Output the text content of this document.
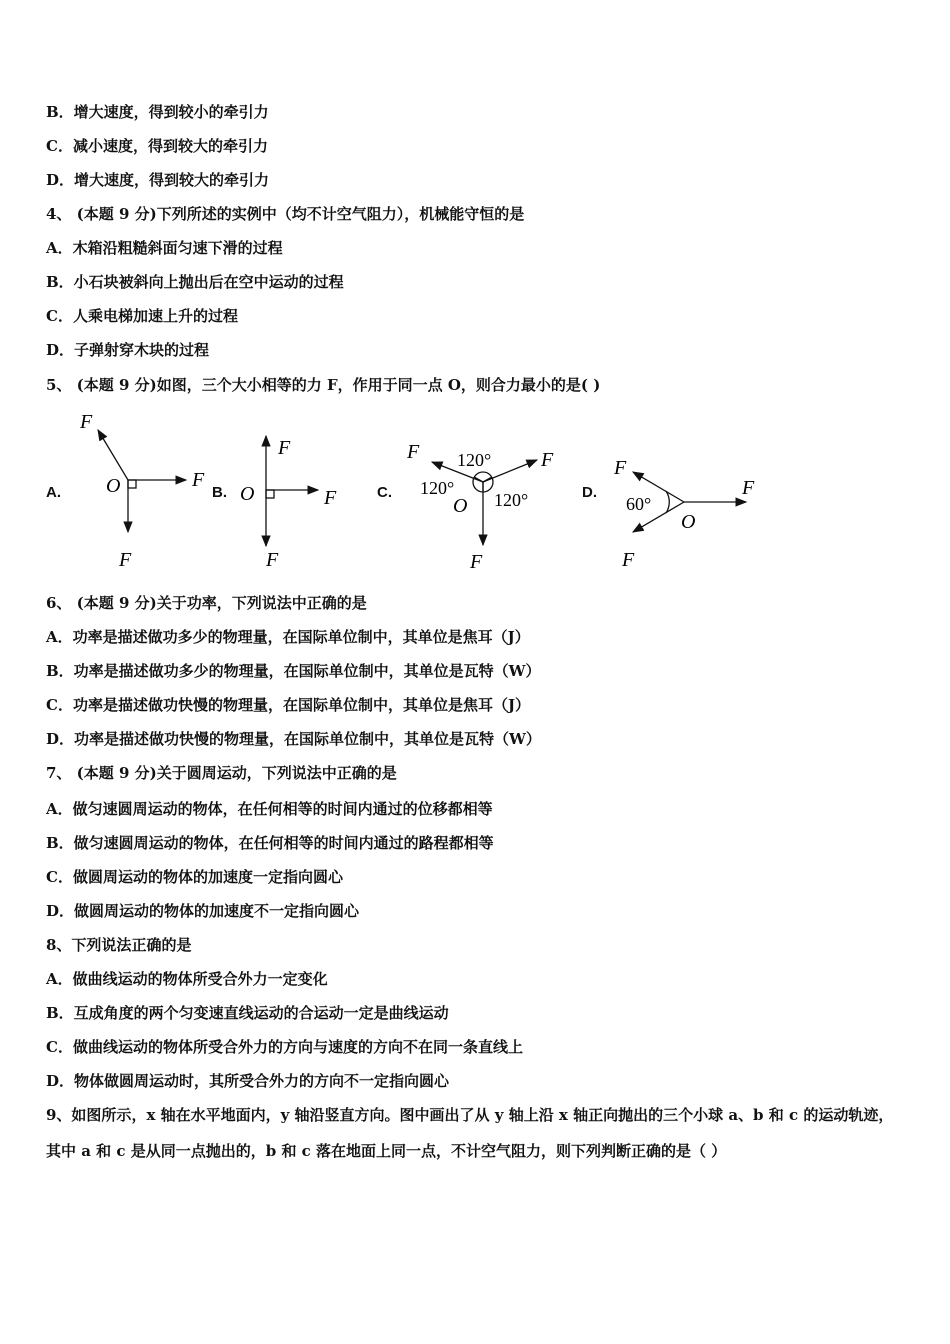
B．增大速度，得到较小的牵引力
C．减小速度，得到较大的牵引力
D．增大速度，得到较大的牵引力
4、 (本题 9 分)下列所述的实例中（均不计空气阻力），机械能守恒的是
A．木箱沿粗糙斜面匀速下滑的过程
B．小石块被斜向上抛出后在空中运动的过程
C．人乘电梯加速上升的过程
D．子弹射穿木块的过程
5、 (本题 9 分)如图，三个大小相等的力 F，作用于同一点 O，则合力最小的是( )
A.	B.	C.	D.
F
F
F
O
F
F
F
O
F	F
F
O
120°
120°
120°
F
F
F
O
60°
6、 (本题 9 分)关于功率，下列说法中正确的是
A．功率是描述做功多少的物理量，在国际单位制中，其单位是焦耳（J）
B．功率是描述做功多少的物理量，在国际单位制中，其单位是瓦特（W）
C．功率是描述做功快慢的物理量，在国际单位制中，其单位是焦耳（J）
D．功率是描述做功快慢的物理量，在国际单位制中，其单位是瓦特（W）
7、 (本题 9 分)关于圆周运动，下列说法中正确的是
A．做匀速圆周运动的物体，在任何相等的时间内通过的位移都相等
B．做匀速圆周运动的物体，在任何相等的时间内通过的路程都相等
C．做圆周运动的物体的加速度一定指向圆心
D．做圆周运动的物体的加速度不一定指向圆心
8、下列说法正确的是
A．做曲线运动的物体所受合外力一定变化
B．互成角度的两个匀变速直线运动的合运动一定是曲线运动
C．做曲线运动的物体所受合外力的方向与速度的方向不在同一条直线上
D．物体做圆周运动时，其所受合外力的方向不一定指向圆心
9、如图所示，x 轴在水平地面内，y 轴沿竖直方向。图中画出了从 y 轴上沿 x 轴正向抛出的三个小球 a、b 和 c 的运动轨迹，其中 a 和 c 是从同一点抛出的，b 和 c 落在地面上同一点，不计空气阻力，则下列判断正确的是（ ）
